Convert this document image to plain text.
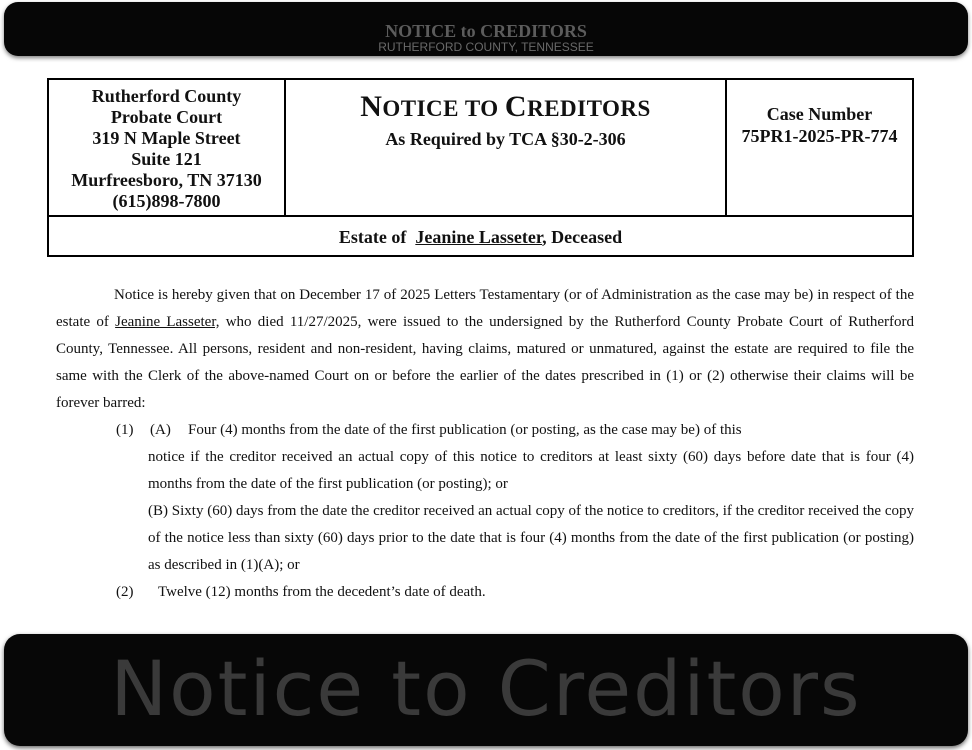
NOTICE to CREDITORS
RUTHERFORD COUNTY, TENNESSEE
Rutherford County
Probate Court
319 N Maple Street
Suite 121
Murfreesboro, TN 37130
(615)898-7800
NOTICE TO CREDITORS
As Required by TCA §30-2-306
Case Number
75PR1-2025-PR-774
Estate of Jeanine Lasseter, Deceased

Notice is hereby given that on December 17 of 2025 Letters Testamentary (or of Administration as the case may be) in respect of the estate of Jeanine Lasseter, who died 11/27/2025, were issued to the undersigned by the Rutherford County Probate Court of Rutherford County, Tennessee. All persons, resident and non-resident, having claims, matured or unmatured, against the estate are required to file the same with the Clerk of the above-named Court on or before the earlier of the dates prescribed in (1) or (2) otherwise their claims will be forever barred:

(1) (A) Four (4) months from the date of the first publication (or posting, as the case may be) of this
notice if the creditor received an actual copy of this notice to creditors at least sixty (60) days before date that is four (4) months from the date of the first publication (or posting); or
(B) Sixty (60) days from the date the creditor received an actual copy of the notice to creditors, if the creditor received the copy of the notice less than sixty (60) days prior to the date that is four (4) months from the date of the first publication (or posting) as described in (1)(A); or
(2) Twelve (12) months from the decedent’s date of death.
Notice to Creditors
